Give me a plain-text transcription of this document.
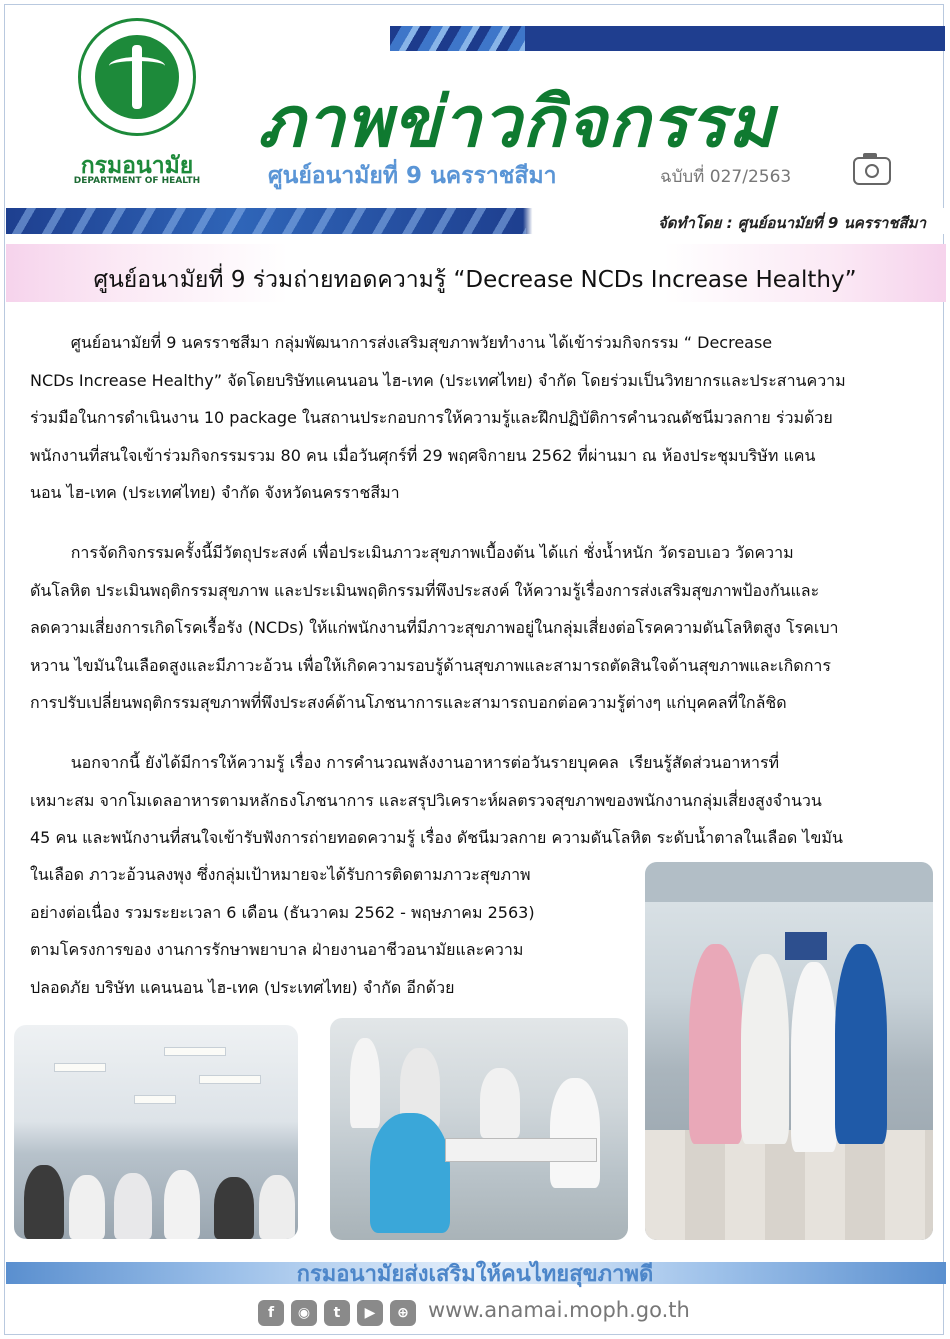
กรมอนามัย
DEPARTMENT OF HEALTH
ภาพข่าวกิจกรรม
ศูนย์อนามัยที่ 9 นครราชสีมา	ฉบับที่ 027/2563
จัดทำโดย : ศูนย์อนามัยที่ 9 นครราชสีมา
ศูนย์อนามัยที่ 9 ร่วมถ่ายทอดความรู้ “Decrease NCDs Increase Healthy”
ศูนย์อนามัยที่ 9 นครราชสีมา กลุ่มพัฒนาการส่งเสริมสุขภาพวัยทำงาน ได้เข้าร่วมกิจกรรม “ Decrease
NCDs Increase Healthy” จัดโดยบริษัทแคนนอน ไฮ-เทค (ประเทศไทย) จำกัด โดยร่วมเป็นวิทยากรและประสานความ
ร่วมมือในการดำเนินงาน 10 package ในสถานประกอบการให้ความรู้และฝึกปฏิบัติการคำนวณดัชนีมวลกาย ร่วมด้วย
พนักงานที่สนใจเข้าร่วมกิจกรรมรวม 80 คน เมื่อวันศุกร์ที่ 29 พฤศจิกายน 2562 ที่ผ่านมา ณ ห้องประชุมบริษัท แคน
นอน ไฮ-เทค (ประเทศไทย) จำกัด จังหวัดนครราชสีมา
การจัดกิจกรรมครั้งนี้มีวัตถุประสงค์ เพื่อประเมินภาวะสุขภาพเบื้องต้น ได้แก่ ชั่งน้ำหนัก วัดรอบเอว วัดความ
ดันโลหิต ประเมินพฤติกรรมสุขภาพ และประเมินพฤติกรรมที่พึงประสงค์ ให้ความรู้เรื่องการส่งเสริมสุขภาพป้องกันและ
ลดความเสี่ยงการเกิดโรคเรื้อรัง (NCDs) ให้แก่พนักงานที่มีภาวะสุขภาพอยู่ในกลุ่มเสี่ยงต่อโรคความดันโลหิตสูง โรคเบา
หวาน ไขมันในเลือดสูงและมีภาวะอ้วน เพื่อให้เกิดความรอบรู้ด้านสุขภาพและสามารถตัดสินใจด้านสุขภาพและเกิดการ
การปรับเปลี่ยนพฤติกรรมสุขภาพที่พึงประสงค์ด้านโภชนาการและสามารถบอกต่อความรู้ต่างๆ แก่บุคคลที่ใกล้ชิด
นอกจากนี้ ยังได้มีการให้ความรู้ เรื่อง การคำนวณพลังงานอาหารต่อวันรายบุคคล  เรียนรู้สัดส่วนอาหารที่
เหมาะสม จากโมเดลอาหารตามหลักธงโภชนาการ และสรุปวิเคราะห์ผลตรวจสุขภาพของพนักงานกลุ่มเสี่ยงสูงจำนวน
45 คน และพนักงานที่สนใจเข้ารับฟังการถ่ายทอดความรู้ เรื่อง ดัชนีมวลกาย ความดันโลหิต ระดับน้ำตาลในเลือด ไขมัน
ในเลือด ภาวะอ้วนลงพุง ซึ่งกลุ่มเป้าหมายจะได้รับการติดตามภาวะสุขภาพ
อย่างต่อเนื่อง รวมระยะเวลา 6 เดือน (ธันวาคม 2562 - พฤษภาคม 2563)
ตามโครงการของ งานการรักษาพยาบาล ฝ่ายงานอาชีวอนามัยและความ
ปลอดภัย บริษัท แคนนอน ไฮ-เทค (ประเทศไทย) จำกัด อีกด้วย
กรมอนามัยส่งเสริมให้คนไทยสุขภาพดี
f	◉	t	▶	⊕ www.anamai.moph.go.th
